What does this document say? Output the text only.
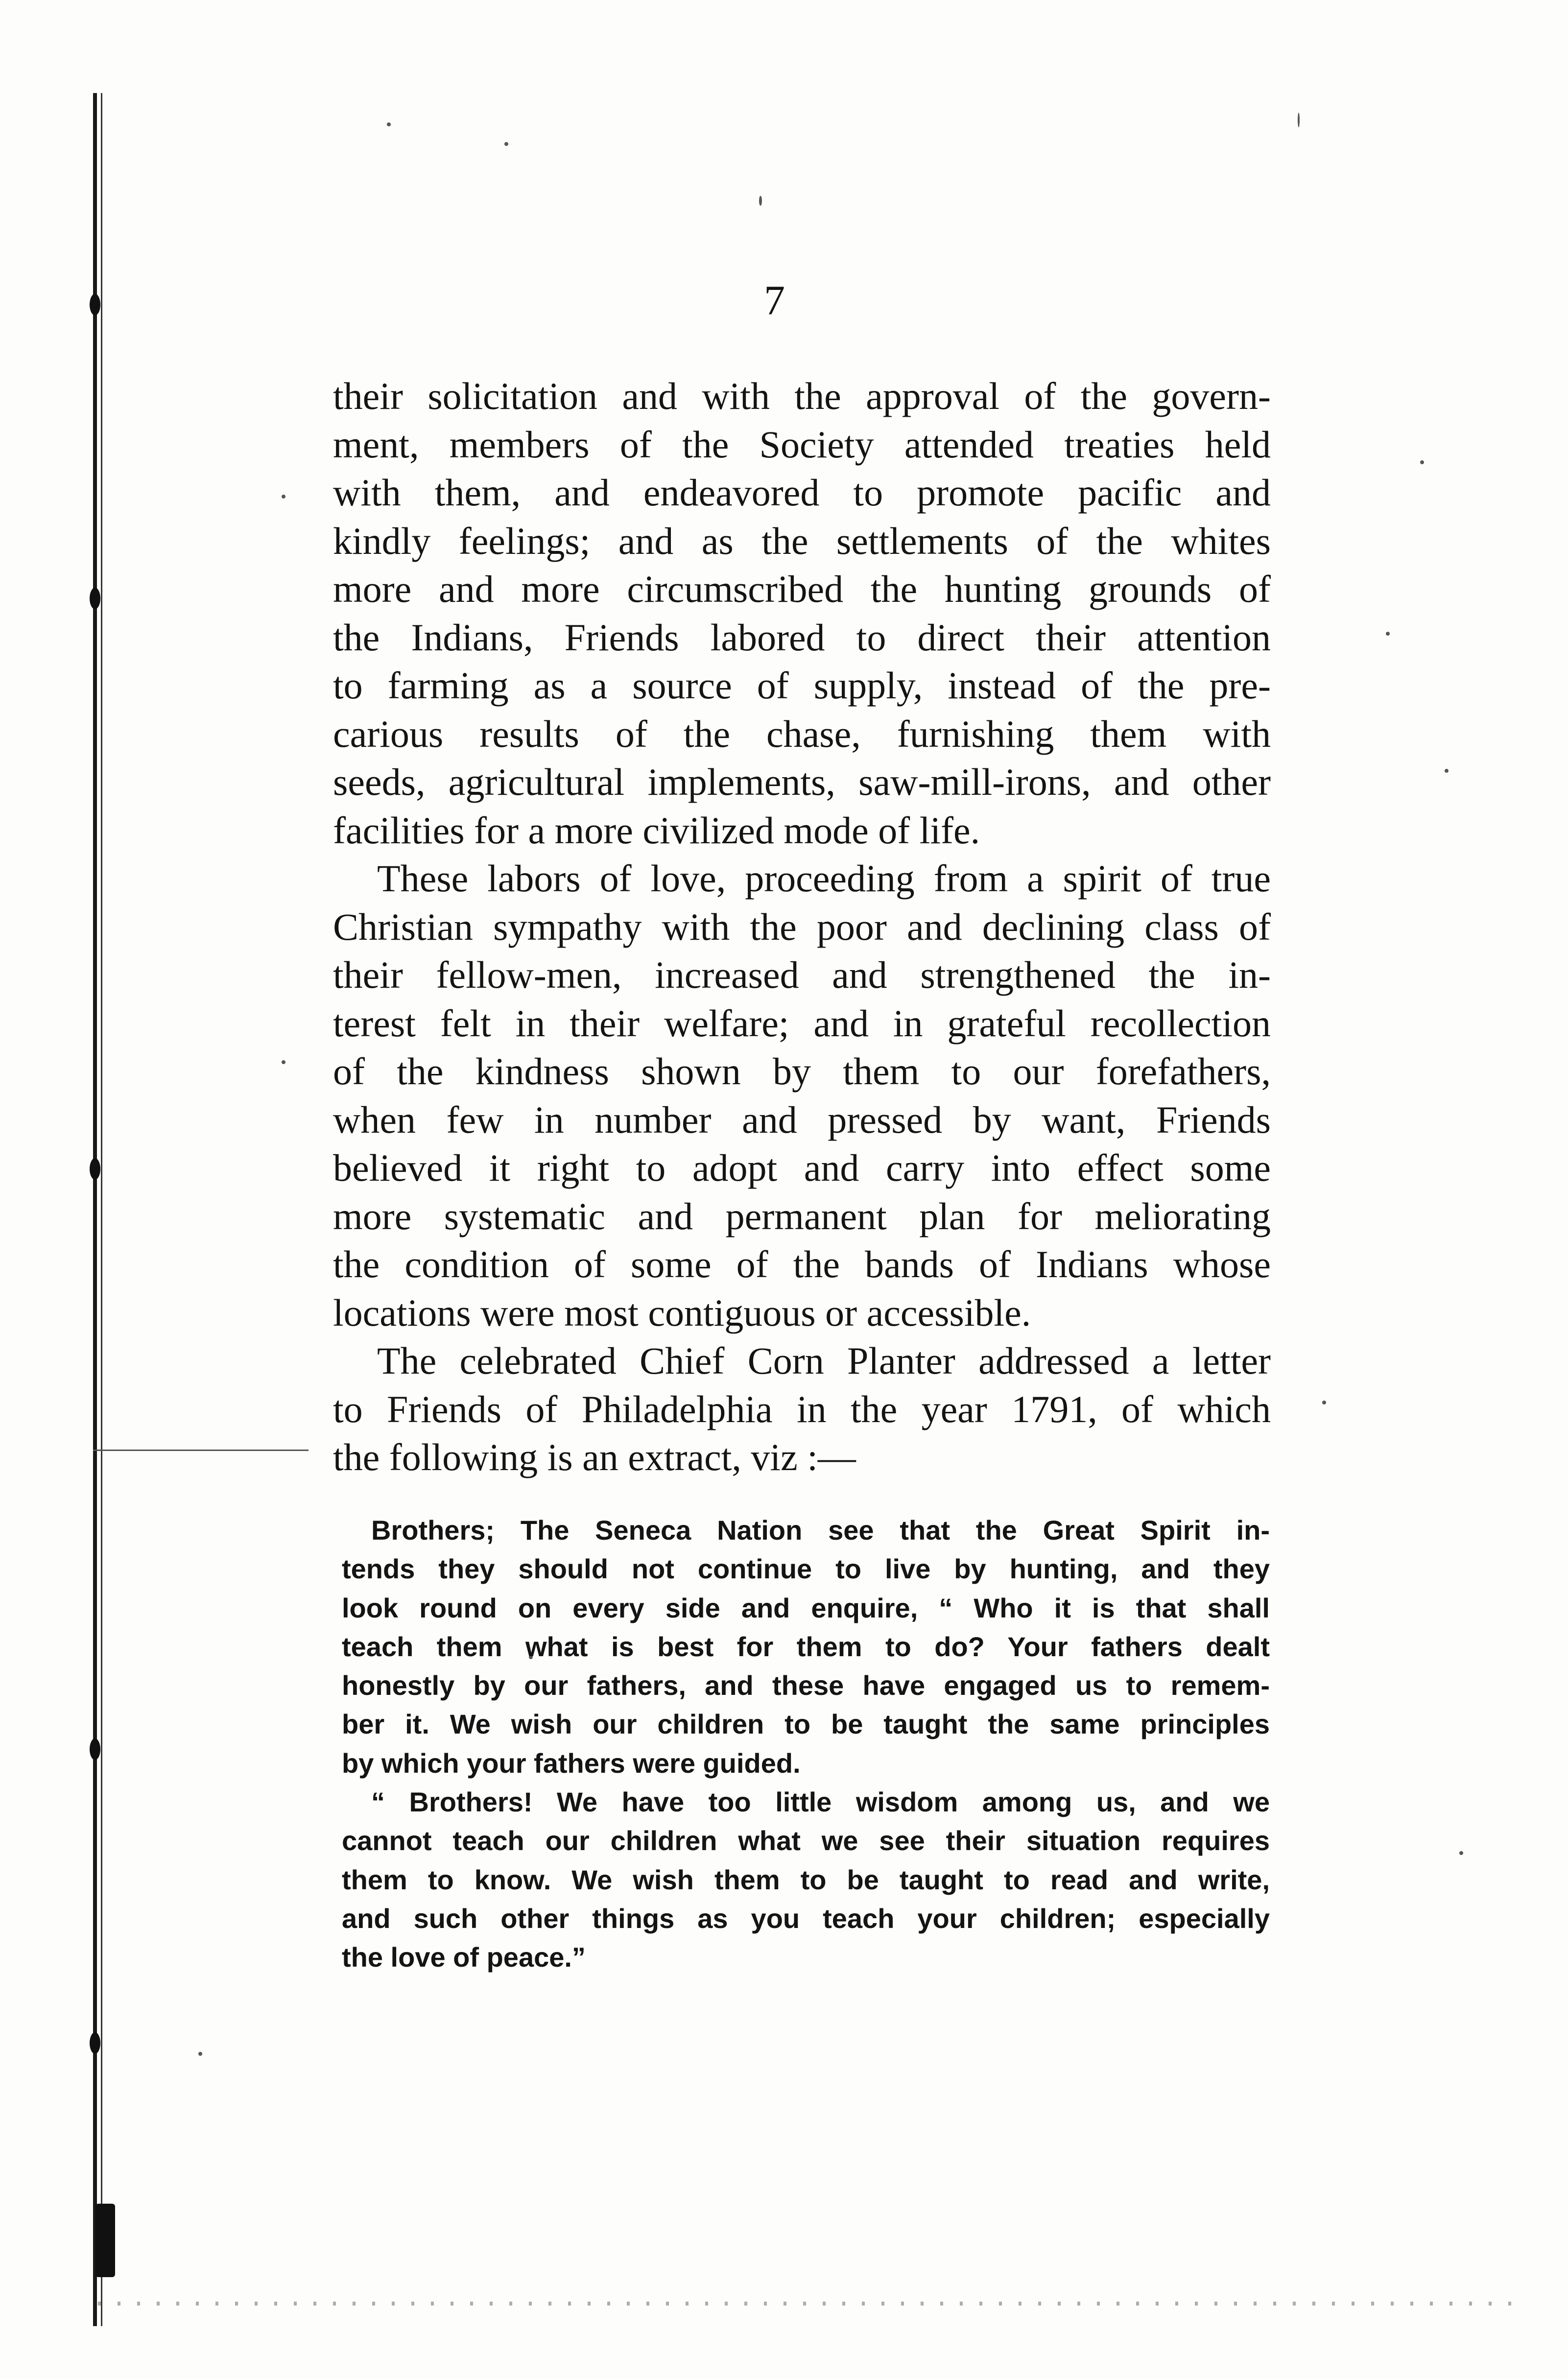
7
their solicitation and with the approval of the govern-
ment, members of the Society attended treaties held
with them, and endeavored to promote pacific and
kindly feelings; and as the settlements of the whites
more and more circumscribed the hunting grounds of
the Indians, Friends labored to direct their attention
to farming as a source of supply, instead of the pre-
carious results of the chase, furnishing them with
seeds, agricultural implements, saw-mill-irons, and other
facilities for a more civilized mode of life.
These labors of love, proceeding from a spirit of true
Christian sympathy with the poor and declining class of
their fellow-men, increased and strengthened the in-
terest felt in their welfare; and in grateful recollection
of the kindness shown by them to our forefathers,
when few in number and pressed by want, Friends
believed it right to adopt and carry into effect some
more systematic and permanent plan for meliorating
the condition of some of the bands of Indians whose
locations were most contiguous or accessible.
The celebrated Chief Corn Planter addressed a letter
to Friends of Philadelphia in the year 1791, of which
the following is an extract, viz :—
Brothers; The Seneca Nation see that the Great Spirit in-
tends they should not continue to live by hunting, and they
look round on every side and enquire, “ Who it is that shall
teach them what is best for them to do? Your fathers dealt
honestly by our fathers, and these have engaged us to remem-
ber it. We wish our children to be taught the same principles
by which your fathers were guided.
“ Brothers! We have too little wisdom among us, and we
cannot teach our children what we see their situation requires
them to know. We wish them to be taught to read and write,
and such other things as you teach your children; especially
the love of peace.”
